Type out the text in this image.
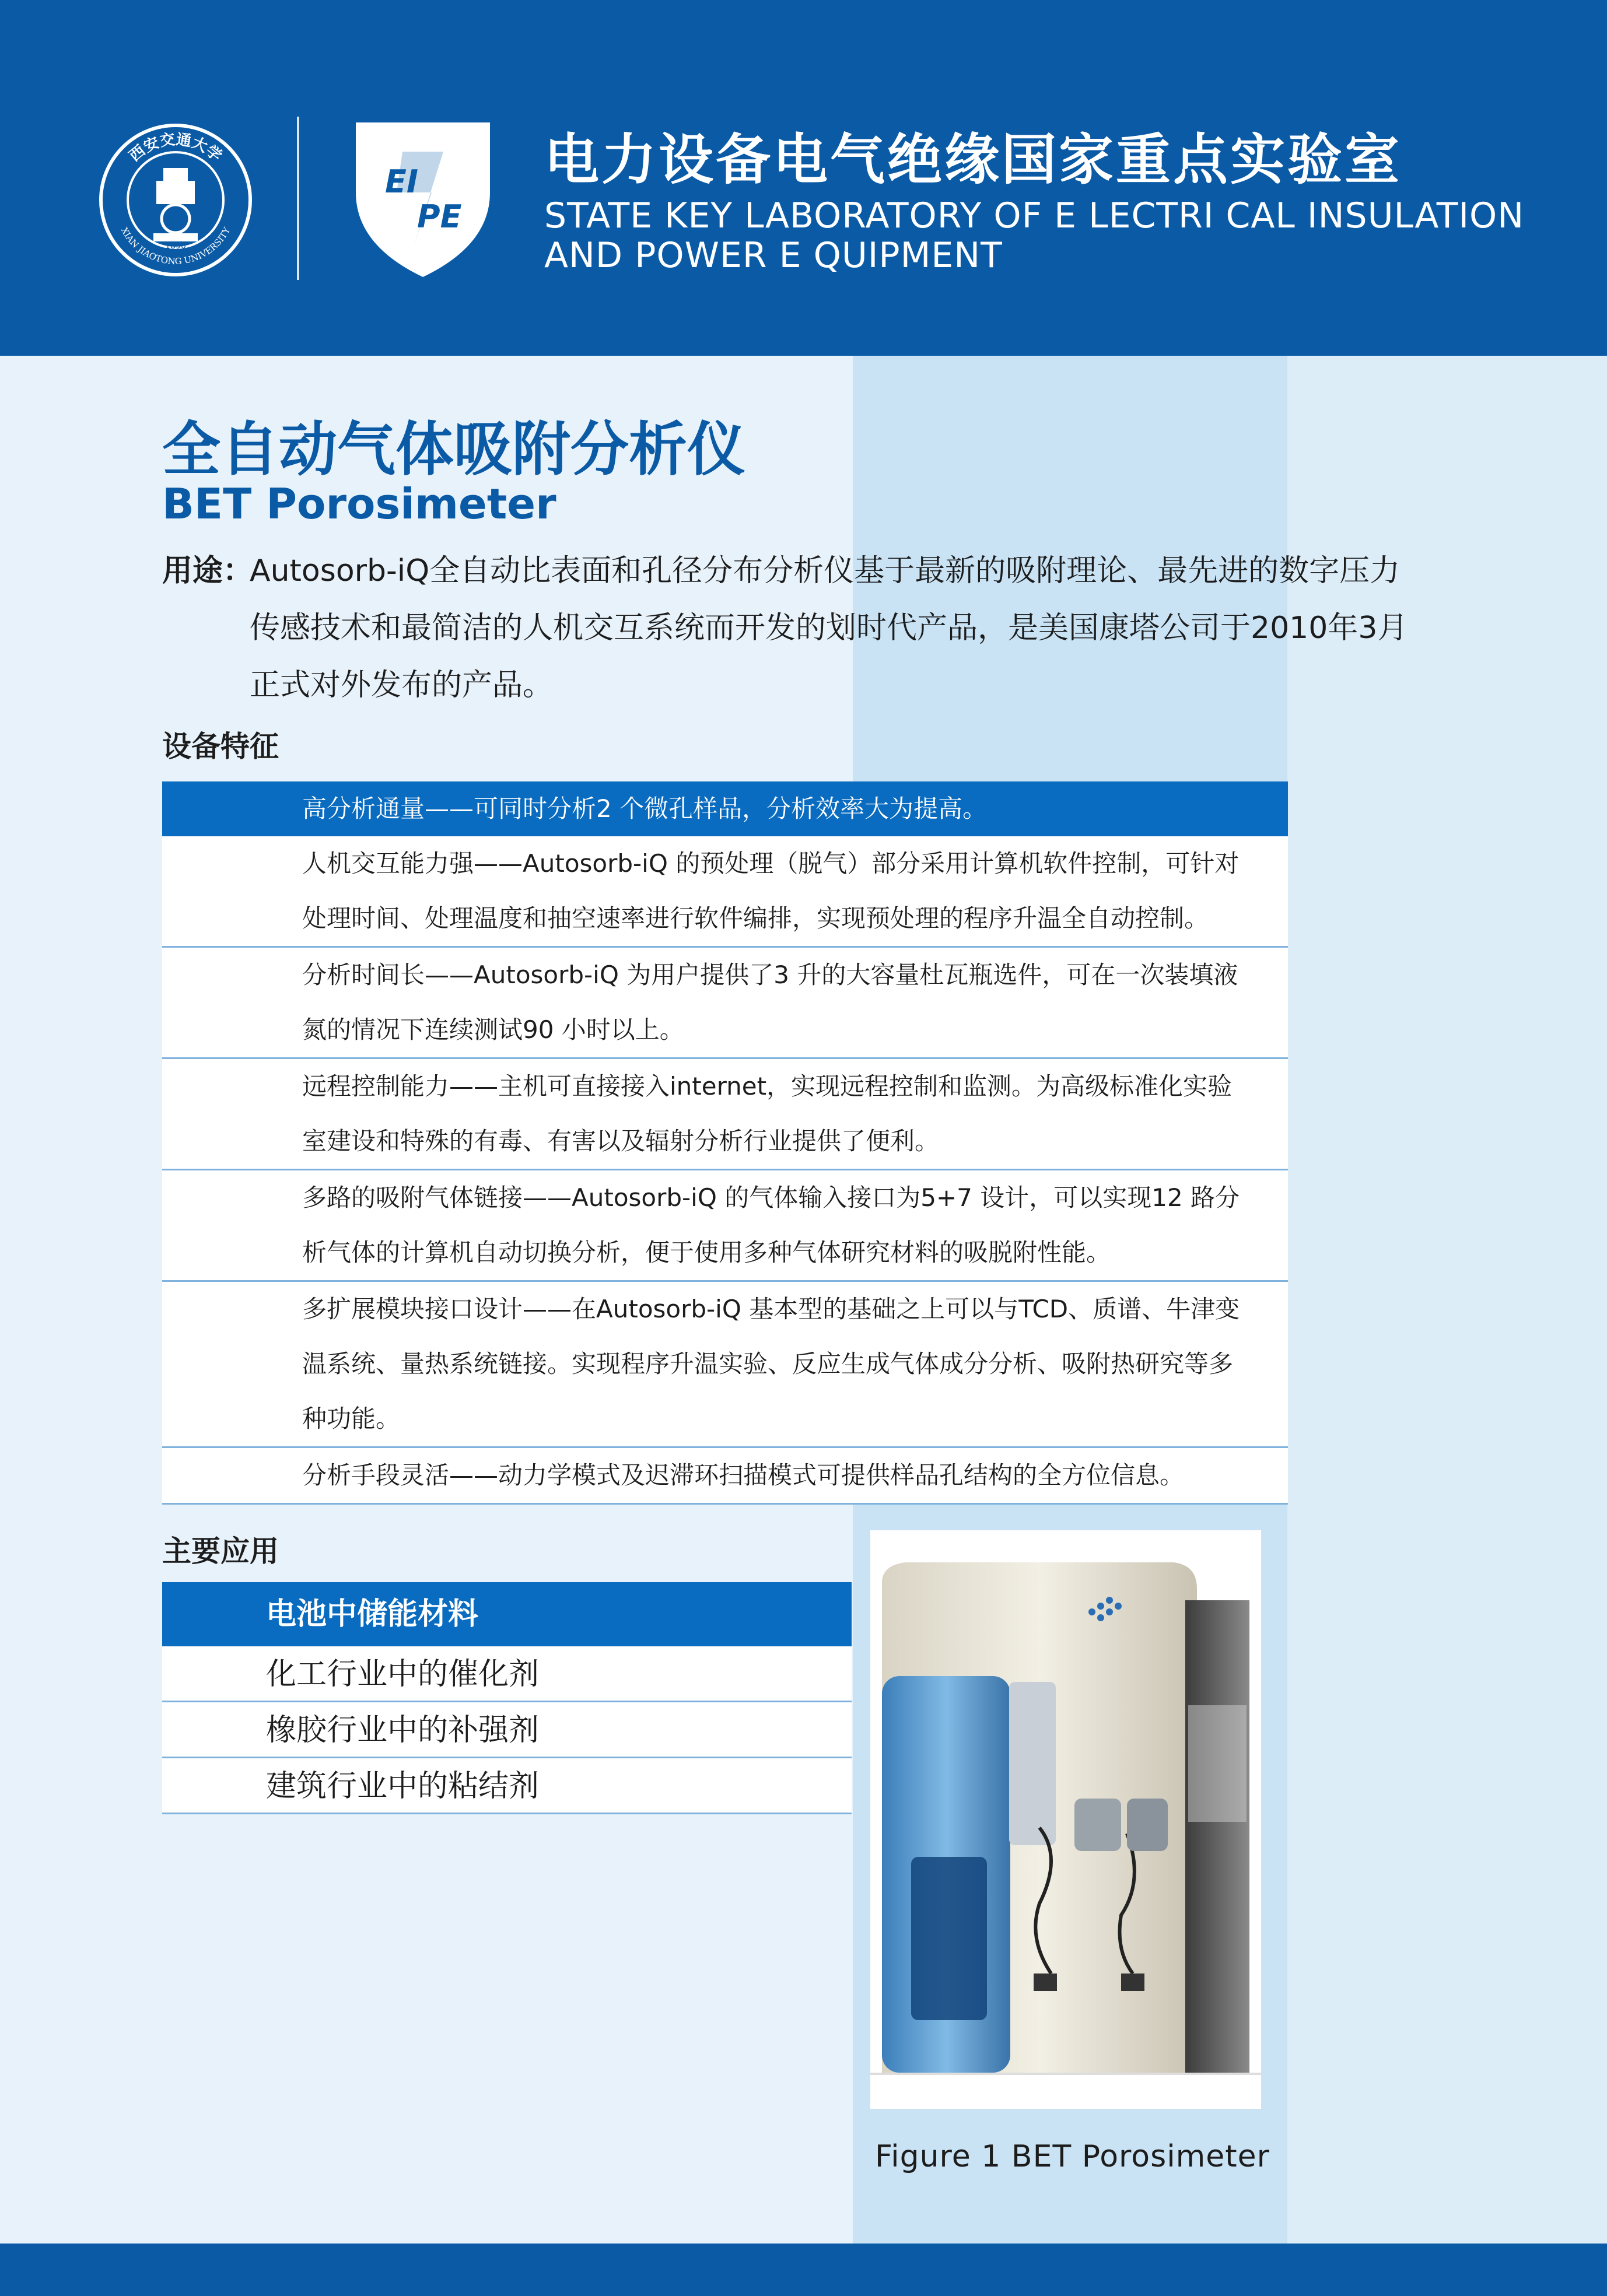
西安交通大学
XIAN JIAOTONG UNIVERSITY
1896
EI
PE
电力设备电气绝缘国家重点实验室
STATE KEY LABORATORY OF E LECTRI CAL INSULATION
AND POWER E QUIPMENT
全自动气体吸附分析仪
BET Porosimeter
用途：
Autosorb-iQ全自动比表面和孔径分布分析仪基于最新的吸附理论、最先进的数字压力传感技术和最简洁的人机交互系统而开发的划时代产品，是美国康塔公司于2010年3月正式对外发布的产品。
设备特征
高分析通量——可同时分析2 个微孔样品，分析效率大为提高。
人机交互能力强——Autosorb-iQ 的预处理（脱气）部分采用计算机软件控制，可针对处理时间、处理温度和抽空速率进行软件编排，实现预处理的程序升温全自动控制。
分析时间长——Autosorb-iQ 为用户提供了3 升的大容量杜瓦瓶选件，可在一次装填液氮的情况下连续测试90 小时以上。
远程控制能力——主机可直接接入internet，实现远程控制和监测。为高级标准化实验室建设和特殊的有毒、有害以及辐射分析行业提供了便利。
多路的吸附气体链接——Autosorb-iQ 的气体输入接口为5+7 设计，可以实现12 路分析气体的计算机自动切换分析，便于使用多种气体研究材料的吸脱附性能。
多扩展模块接口设计——在Autosorb-iQ 基本型的基础之上可以与TCD、质谱、牛津变温系统、量热系统链接。实现程序升温实验、反应生成气体成分分析、吸附热研究等多种功能。
分析手段灵活——动力学模式及迟滞环扫描模式可提供样品孔结构的全方位信息。
主要应用
电池中储能材料
化工行业中的催化剂
橡胶行业中的补强剂
建筑行业中的粘结剂
Figure 1 BET Porosimeter
